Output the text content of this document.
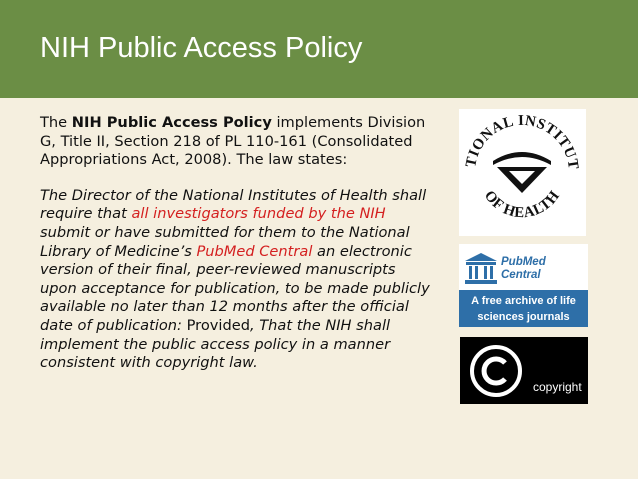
NIH Public Access Policy

The NIH Public Access Policy implements Division G, Title II, Section 218 of PL 110-161 (Consolidated Appropriations Act, 2008). The law states:

The Director of the National Institutes of Health shall require that all investigators funded by the NIH submit or have submitted for them to the National Library of Medicine’s PubMed Central an electronic version of their final, peer-reviewed manuscripts upon acceptance for publication, to be made publicly available no later than 12 months after the official date of publication: Provided, That the NIH shall implement the public access policy in a manner consistent with copyright law.

TIONAL INSTITUT
OF HEALTH
PubMed
Central
A free archive of life
sciences journals
copyright
